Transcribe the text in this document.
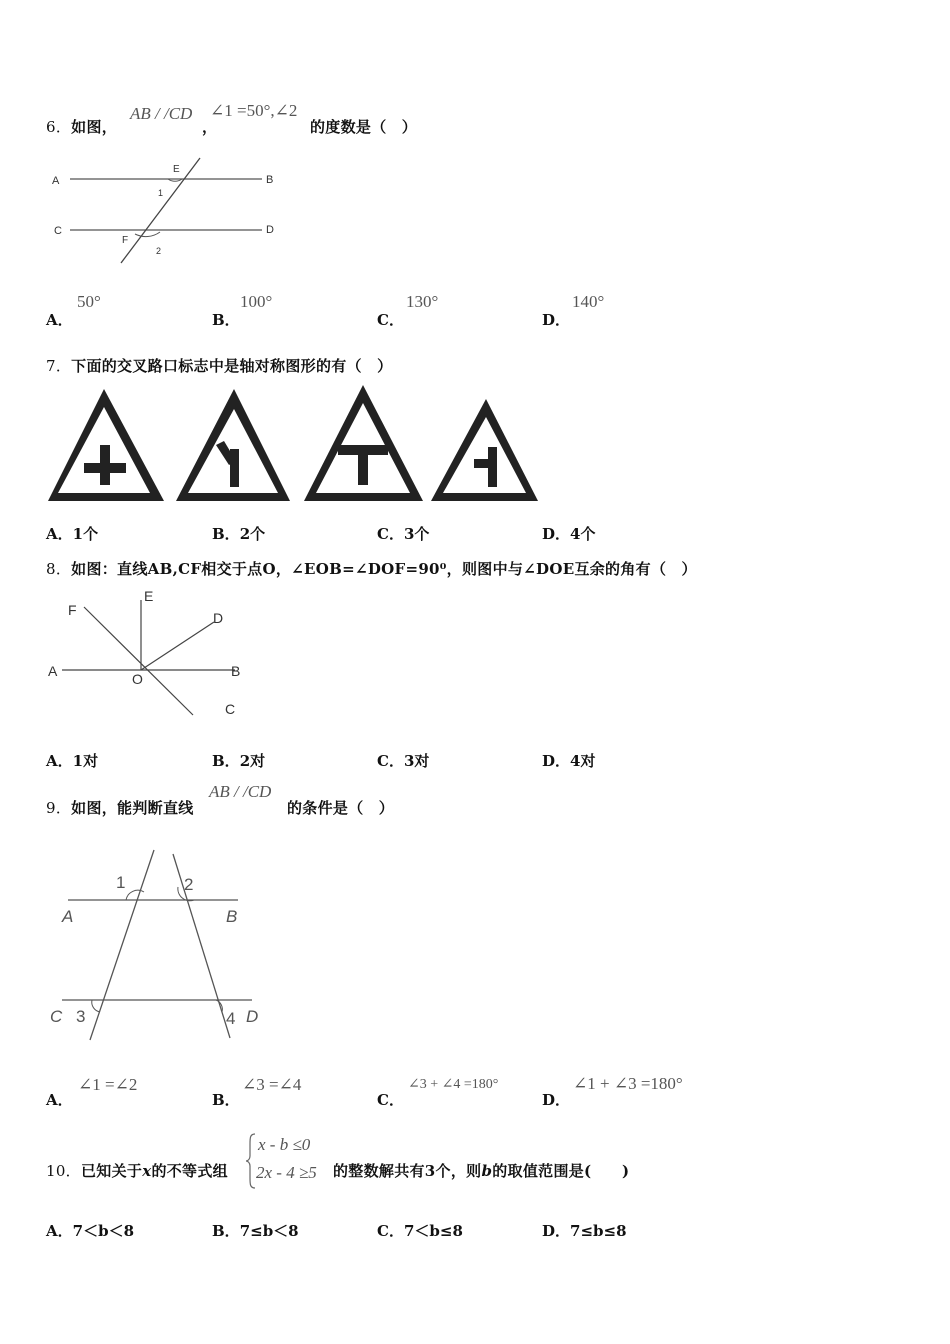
6．如图，
AB / /CD
，
∠1 =50°,∠2
的度数是（　）
A	B
C	D
E
F
1
2
A．
50°
B．
100°
C．
130°
D．
140°
7．下面的交叉路口标志中是轴对称图形的有（　）
A．1个	B．2个	C．3个	D．4个
8．如图：直线AB,CF相交于点O，∠EOB=∠DOF=90⁰，则图中与∠DOE互余的角有（　）
A	B
C
D
E
F
O
A．1对	B．2对	C．3对	D．4对
9．如图，能判断直线
AB / /CD
的条件是（　）
A	B
C	D
1	2
3	4
A．
∠1 =∠2
B．
∠3 =∠4
C．
∠3 + ∠4 =180°
D．
∠1 + ∠3 =180°
10．已知关于x的不等式组
x - b ≤0
2x - 4 ≥5 的整数解共有3个，则b的取值范围是(　　)
A．7＜b＜8	B．7≤b＜8	C．7＜b≤8	D．7≤b≤8
